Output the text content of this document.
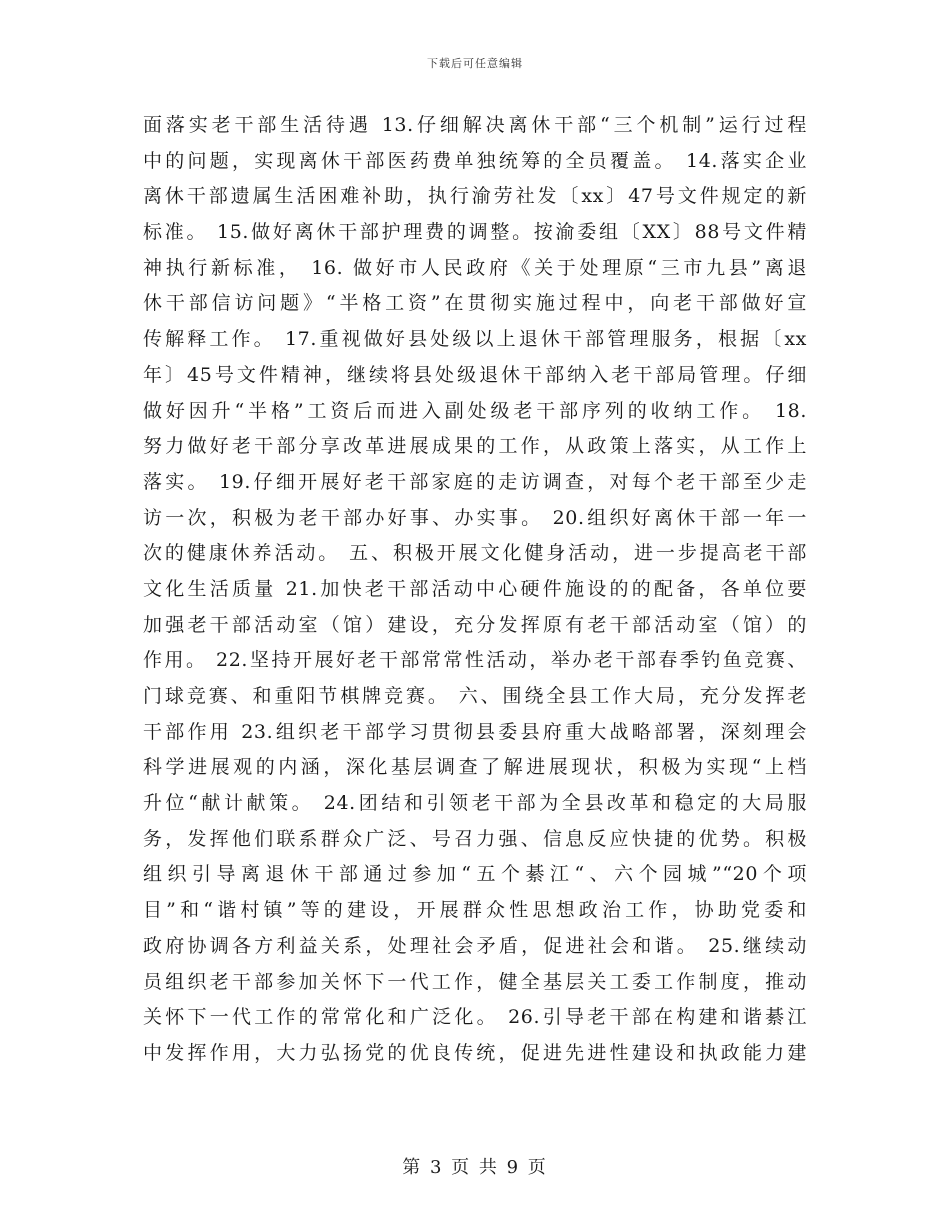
下载后可任意编辑
面落实老干部生活待遇 13.仔细解决离休干部“三个机制”运行过程
中的问题，实现离休干部医药费单独统筹的全员覆盖。 14.落实企业
离休干部遗属生活困难补助，执行渝劳社发〔xx〕47号文件规定的新
标准。 15.做好离休干部护理费的调整。按渝委组〔XX〕88号文件精
神执行新标准， 16. 做好市人民政府《关于处理原“三市九县”离退
休干部信访问题》“半格工资”在贯彻实施过程中，向老干部做好宣
传解释工作。 17.重视做好县处级以上退休干部管理服务，根据〔xx
年〕45号文件精神，继续将县处级退休干部纳入老干部局管理。仔细
做好因升“半格”工资后而进入副处级老干部序列的收纳工作。 18.
努力做好老干部分享改革进展成果的工作，从政策上落实，从工作上
落实。 19.仔细开展好老干部家庭的走访调查，对每个老干部至少走
访一次，积极为老干部办好事、办实事。 20.组织好离休干部一年一
次的健康休养活动。 五、积极开展文化健身活动，进一步提高老干部
文化生活质量 21.加快老干部活动中心硬件施设的的配备，各单位要
加强老干部活动室（馆）建设，充分发挥原有老干部活动室（馆）的
作用。 22.坚持开展好老干部常常性活动，举办老干部春季钓鱼竞赛、
门球竞赛、和重阳节棋牌竞赛。 六、围绕全县工作大局，充分发挥老
干部作用 23.组织老干部学习贯彻县委县府重大战略部署，深刻理会
科学进展观的内涵，深化基层调查了解进展现状，积极为实现“上档
升位“献计献策。 24.团结和引领老干部为全县改革和稳定的大局服
务，发挥他们联系群众广泛、号召力强、信息反应快捷的优势。积极
组织引导离退休干部通过参加“五个綦江“、六个园城”“20个项
目”和“谐村镇”等的建设，开展群众性思想政治工作，协助党委和
政府协调各方利益关系，处理社会矛盾，促进社会和谐。 25.继续动
员组织老干部参加关怀下一代工作，健全基层关工委工作制度，推动
关怀下一代工作的常常化和广泛化。 26.引导老干部在构建和谐綦江
中发挥作用，大力弘扬党的优良传统，促进先进性建设和执政能力建
第 3 页 共 9 页
